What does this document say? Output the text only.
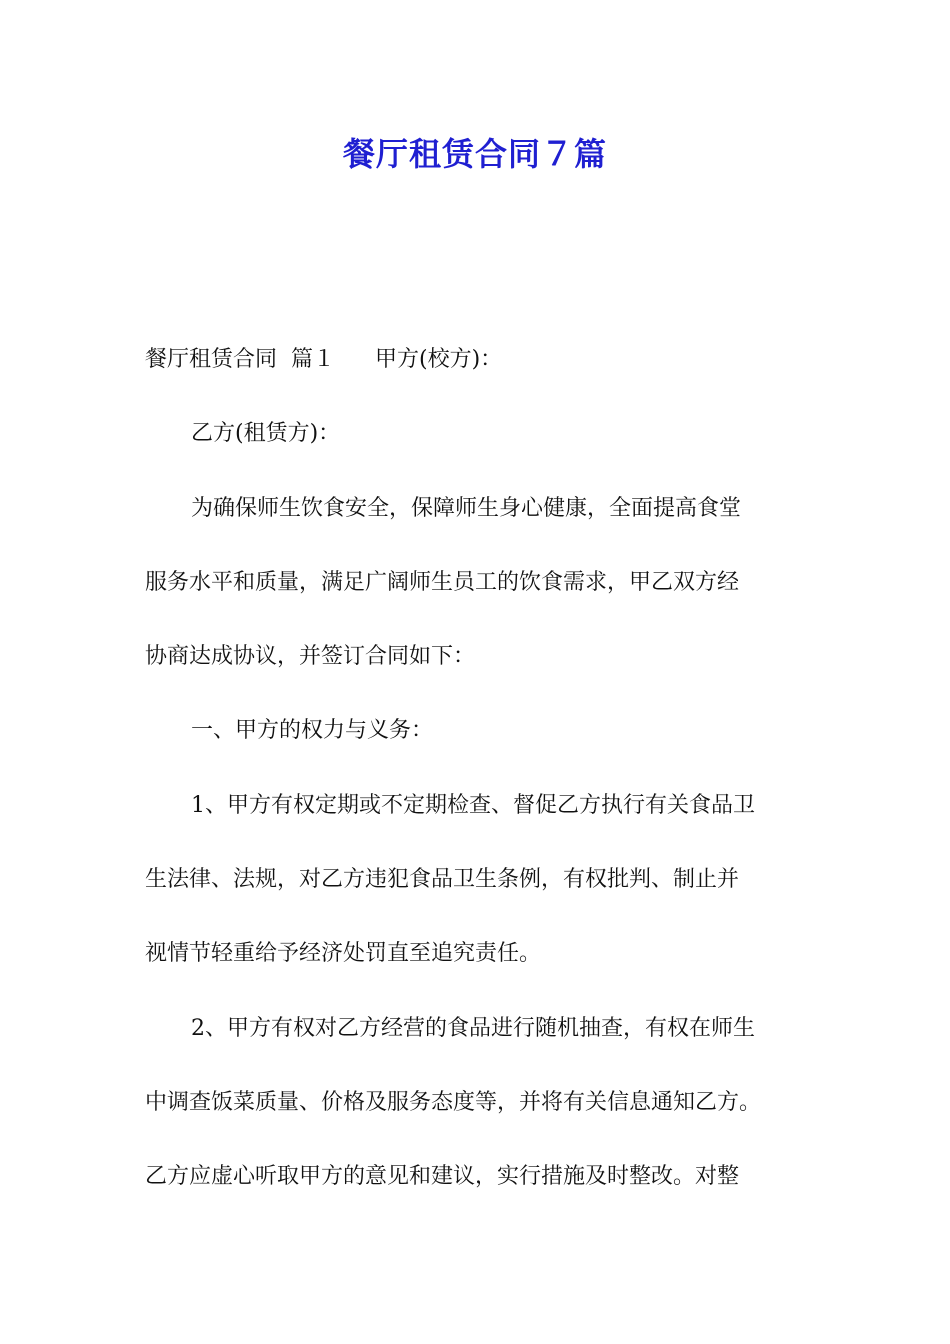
餐厅租赁合同７篇
餐厅租赁合同  篇１ 甲方(校方)：
乙方(租赁方)：
为确保师生饮食安全，保障师生身心健康，全面提高食堂
服务水平和质量，满足广阔师生员工的饮食需求，甲乙双方经
协商达成协议，并签订合同如下：
一、甲方的权力与义务：
1、甲方有权定期或不定期检查、督促乙方执行有关食品卫
生法律、法规，对乙方违犯食品卫生条例，有权批判、制止并
视情节轻重给予经济处罚直至追究责任。
2、甲方有权对乙方经营的食品进行随机抽查，有权在师生
中调查饭菜质量、价格及服务态度等，并将有关信息通知乙方。
乙方应虚心听取甲方的意见和建议，实行措施及时整改。对整
